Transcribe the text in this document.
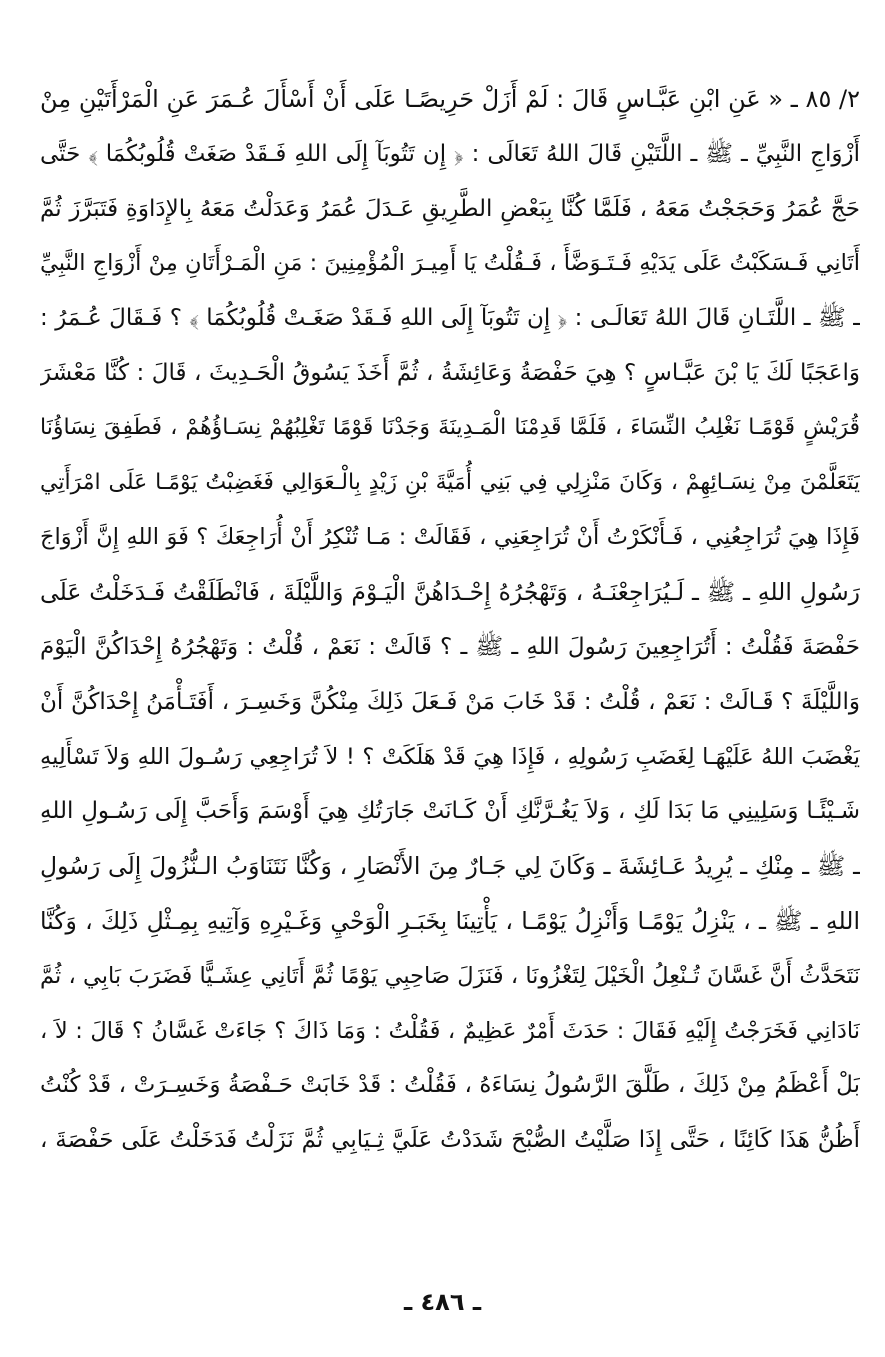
٢/ ٨٥ ـ « عَنِ ابْنِ عَبَّـاسٍ قَالَ : لَمْ أَزَلْ حَرِيصًـا عَلَى أَنْ أَسْأَلَ عُـمَرَ عَنِ الْمَرْأَتَيْنِ مِنْ
أَزْوَاجِ النَّبِيِّ ـ ﷺ ـ اللَّتَيْنِ قَالَ اللهُ تَعَالَى : ﴿ إِن تَتُوبَآ إِلَى اللهِ فَـقَدْ صَغَتْ قُلُوبُكُمَا ﴾ حَتَّى
حَجَّ عُمَرُ وَحَجَجْتُ مَعَهُ ، فَلَمَّا كُنَّا بِبَعْضِ الطَّرِيقِ عَـدَلَ عُمَرُ وَعَدَلْتُ مَعَهُ بِالإِدَاوَةِ فَتَبَرَّزَ ثُمَّ
أَتَانِي فَـسَكَبْتُ عَلَى يَدَيْهِ فَـتَـوَضَّأَ ، فَـقُلْتُ يَا أَمِيـرَ الْمُؤْمِنِينَ : مَنِ الْمَـرْأَتَانِ مِنْ أَزْوَاجِ النَّبِيِّ
ـ ﷺ ـ اللَّتَـانِ قَالَ اللهُ تَعَالَـى : ﴿ إِن تَتُوبَآ إِلَى اللهِ فَـقَدْ صَغَـتْ قُلُوبُكُمَا ﴾ ؟ فَـقَالَ عُـمَرُ :
وَاعَجَبًا لَكَ يَا بْنَ عَبَّـاسٍ ؟ هِيَ حَفْصَةُ وَعَائِشَةُ ، ثُمَّ أَخَذَ يَسُوقُ الْحَـدِيثَ ، قَالَ : كُنَّا مَعْشَرَ
قُرَيْشٍ قَوْمًـا نَغْلِبُ النِّسَاءَ ، فَلَمَّا قَدِمْنَا الْمَـدِينَةَ وَجَدْنَا قَوْمًا تَغْلِبُهُمْ نِسَـاؤُهُمْ ، فَطَفِقَ نِسَاؤُنَا
يَتَعَلَّمْنَ مِنْ نِسَـائِهِمْ ، وَكَانَ مَنْزِلِي فِي بَنِي أُمَيَّةَ بْنِ زَيْدٍ بِالْـعَوَالِي فَغَضِبْتُ يَوْمًـا عَلَى امْرَأَتِي
فَإِذَا هِيَ تُرَاجِعُنِي ، فَـأَنْكَرْتُ أَنْ تُرَاجِعَنِي ، فَقَالَتْ : مَـا تُنْكِرُ أَنْ أُرَاجِعَكَ ؟ فَوَ اللهِ إِنَّ أَزْوَاجَ
رَسُولِ اللهِ ـ ﷺ ـ لَـيُرَاجِعْنَـهُ ، وَتَهْجُرُهُ إِحْـدَاهُنَّ الْيَـوْمَ وَاللَّيْلَةَ ، فَانْطَلَقْتُ فَـدَخَلْتُ عَلَى
حَفْصَةَ فَقُلْتُ : أَتُرَاجِعِينَ رَسُولَ اللهِ ـ ﷺ ـ ؟ قَالَتْ : نَعَمْ ، قُلْتُ : وَتَهْجُرُهُ إِحْدَاكُنَّ الْيَوْمَ
وَاللَّيْلَةَ ؟ قَـالَتْ : نَعَمْ ، قُلْتُ : قَدْ خَابَ مَنْ فَـعَلَ ذَلِكَ مِنْكُنَّ وَخَسِـرَ ، أَفَتَـأْمَنُ إِحْدَاكُنَّ أَنْ
يَغْضَبَ اللهُ عَلَيْهَـا لِغَضَبِ رَسُولِهِ ، فَإِذَا هِيَ قَدْ هَلَكَتْ ؟ ! لاَ تُرَاجِعِي رَسُـولَ اللهِ وَلاَ تَسْأَلِيهِ
شَـيْئًـا وَسَلِينِي مَا بَدَا لَكِ ، وَلاَ يَغُـرَّنَّكِ أَنْ كَـانَتْ جَارَتُكِ هِيَ أَوْسَمَ وَأَحَبَّ إِلَى رَسُـولِ اللهِ
ـ ﷺ ـ مِنْكِ ـ يُرِيدُ عَـائِشَةَ ـ وَكَانَ لِي جَـارٌ مِنَ الأَنْصَارِ ، وَكُنَّا نَتَنَاوَبُ الـنُّزُولَ إِلَى رَسُولِ
اللهِ ـ ﷺ ـ ، يَنْزِلُ يَوْمًـا وَأَنْزِلُ يَوْمًـا ، يَأْتِينَا بِخَبَـرِ الْوَحْيِ وَغَـيْرِهِ وَآتِيهِ بِمِـثْلِ ذَلِكَ ، وَكُنَّا
نَتَحَدَّثُ أَنَّ غَسَّانَ تُـنْعِلُ الْخَيْلَ لِتَغْزُونَا ، فَنَزَلَ صَاحِبِي يَوْمًا ثُمَّ أَتَانِي عِشَـيًّا فَضَرَبَ بَابِي ، ثُمَّ
نَادَانِي فَخَرَجْتُ إِلَيْهِ فَقَالَ : حَدَثَ أَمْرٌ عَظِيمٌ ، فَقُلْتُ : وَمَا ذَاكَ ؟ جَاءَتْ غَسَّانُ ؟ قَالَ : لاَ ،
بَلْ أَعْظَمُ مِنْ ذَلِكَ ، طَلَّقَ الرَّسُولُ نِسَاءَهُ ، فَقُلْتُ : قَدْ خَابَتْ حَـفْصَةُ وَخَسِـرَتْ ، قَدْ كُنْتُ
أَظُنُّ هَذَا كَائِنًا ، حَتَّى إِذَا صَلَّيْتُ الصُّبْحَ شَدَدْتُ عَلَيَّ ثِـيَابِي ثُمَّ نَزَلْتُ فَدَخَلْتُ عَلَى حَفْصَةَ ،
ـ ٤٨٦ ـ
